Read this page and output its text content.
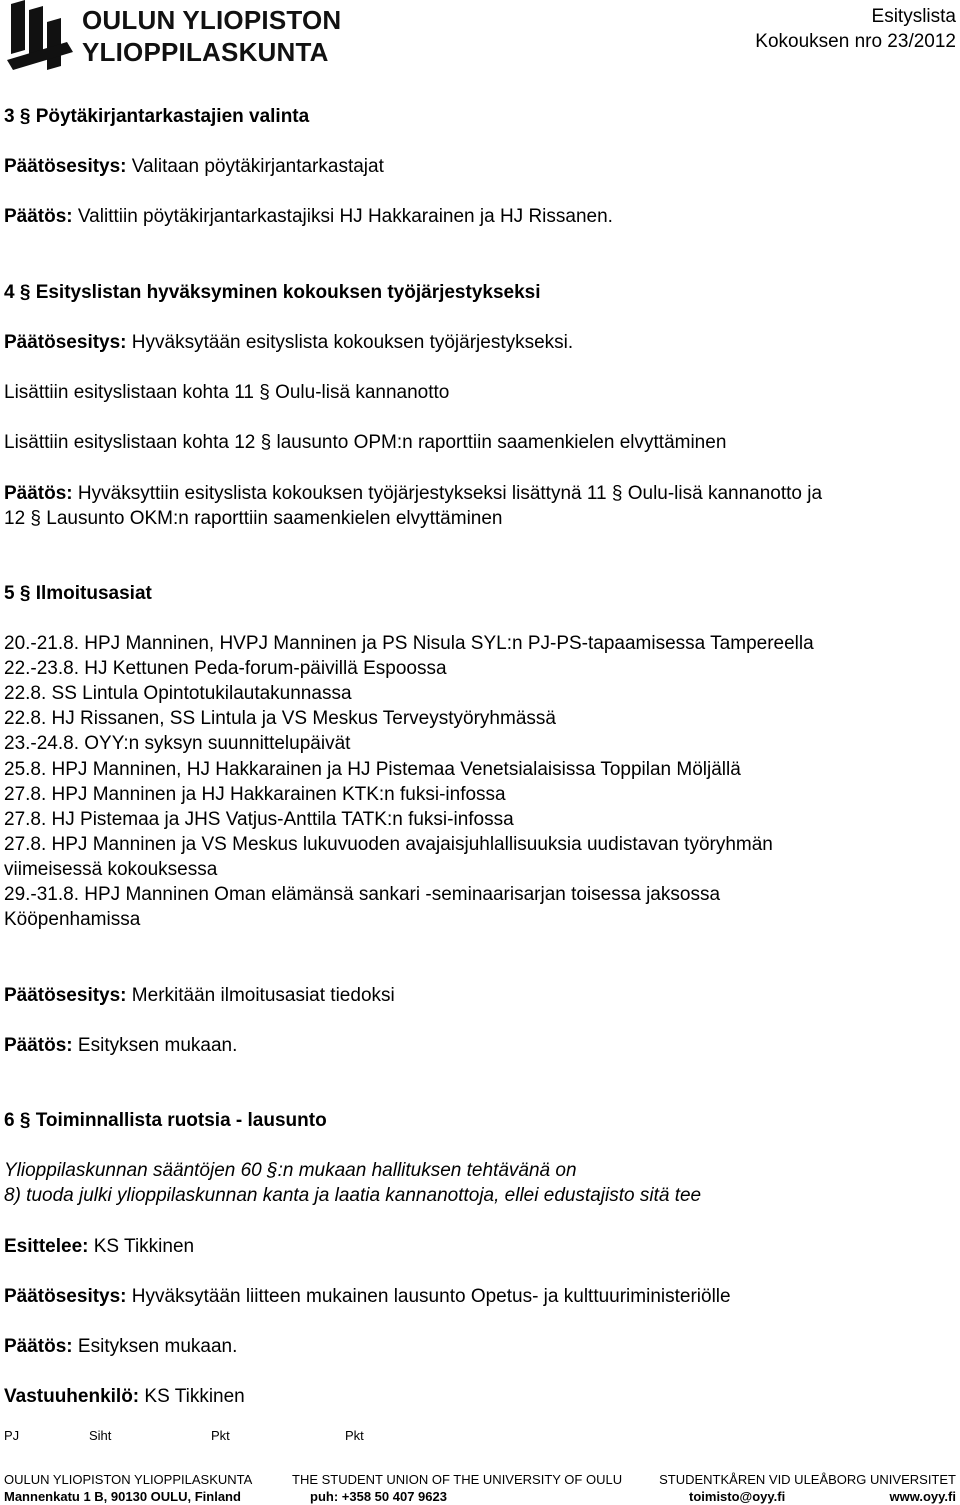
OULUN YLIOPISTON
YLIOPPILASKUNTA
Esityslista
Kokouksen nro 23/2012
3 § Pöytäkirjantarkastajien valinta
Päätösesitys: Valitaan pöytäkirjantarkastajat
Päätös: Valittiin pöytäkirjantarkastajiksi HJ Hakkarainen ja HJ Rissanen.
4 § Esityslistan hyväksyminen kokouksen työjärjestykseksi
Päätösesitys: Hyväksytään esityslista kokouksen työjärjestykseksi.
Lisättiin esityslistaan kohta 11 § Oulu-lisä kannanotto
Lisättiin esityslistaan kohta 12 § lausunto OPM:n raporttiin saamenkielen elvyttäminen
Päätös: Hyväksyttiin esityslista kokouksen työjärjestykseksi lisättynä 11 § Oulu-lisä kannanotto ja
12 § Lausunto OKM:n raporttiin saamenkielen elvyttäminen
5 § Ilmoitusasiat
20.-21.8. HPJ Manninen, HVPJ Manninen ja PS Nisula SYL:n PJ-PS-tapaamisessa Tampereella
22.-23.8. HJ Kettunen Peda-forum-päivillä Espoossa
22.8. SS Lintula Opintotukilautakunnassa
22.8. HJ Rissanen, SS Lintula ja VS Meskus Terveystyöryhmässä
23.-24.8. OYY:n syksyn suunnittelupäivät
25.8. HPJ Manninen, HJ Hakkarainen ja HJ Pistemaa Venetsialaisissa Toppilan Möljällä
27.8. HPJ Manninen ja HJ Hakkarainen KTK:n fuksi-infossa
27.8. HJ Pistemaa ja JHS Vatjus-Anttila TATK:n fuksi-infossa
27.8. HPJ Manninen ja VS Meskus lukuvuoden avajaisjuhlallisuuksia uudistavan työryhmän
viimeisessä kokouksessa
29.-31.8. HPJ Manninen Oman elämänsä sankari -seminaarisarjan toisessa jaksossa
Kööpenhamissa
Päätösesitys: Merkitään ilmoitusasiat tiedoksi
Päätös: Esityksen mukaan.
6 § Toiminnallista ruotsia - lausunto
Ylioppilaskunnan sääntöjen 60 §:n mukaan hallituksen tehtävänä on
8) tuoda julki ylioppilaskunnan kanta ja laatia kannanottoja, ellei edustajisto sitä tee
Esittelee: KS Tikkinen
Päätösesitys: Hyväksytään liitteen mukainen lausunto Opetus- ja kulttuuriministeriölle
Päätös: Esityksen mukaan.
Vastuuhenkilö: KS Tikkinen
PJ	Siht	Pkt	Pkt
OULUN YLIOPISTON YLIOPPILASKUNTA
Mannenkatu 1 B, 90130 OULU, Finland
THE STUDENT UNION OF THE UNIVERSITY OF OULU
puh: +358 50 407 9623
STUDENTKÅREN VID ULEÅBORG UNIVERSITET
toimisto@oyy.fi	www.oyy.fi
